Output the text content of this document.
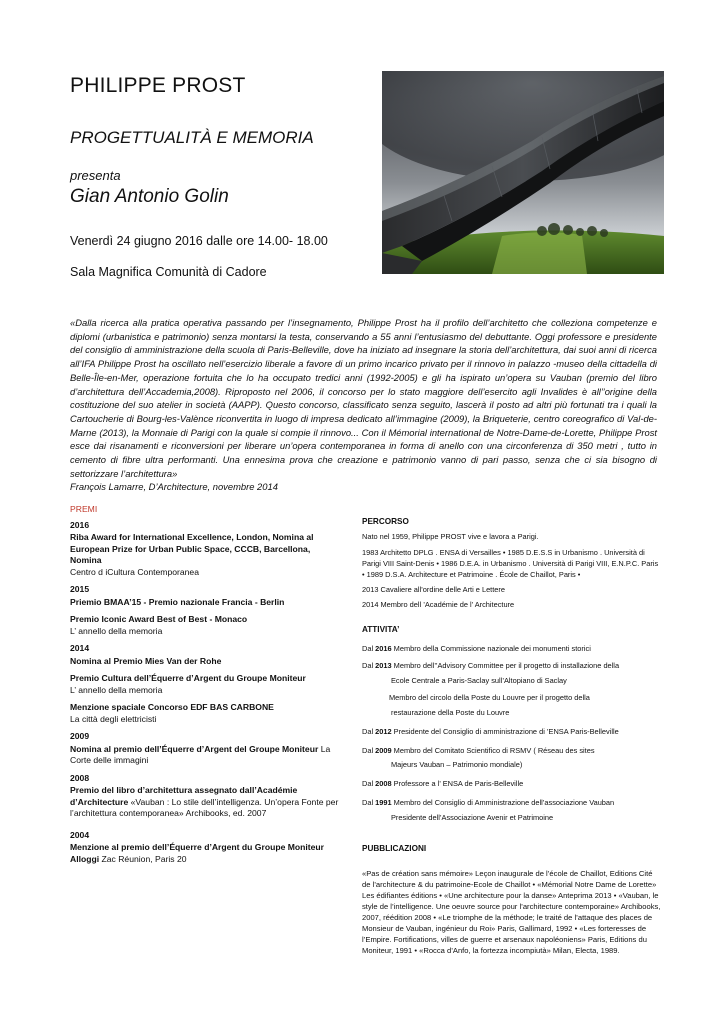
PHILIPPE PROST
PROGETTUALITÀ E MEMORIA
presenta
Gian Antonio Golin
Venerdì 24 giugno 2016 dalle ore 14.00- 18.00
Sala Magnifica Comunità di Cadore

«Dalla ricerca alla pratica operativa passando per l’insegnamento, Philippe Prost ha il profilo dell’architetto che colleziona competenze e diplomi (urbanistica e patrimonio) senza montarsi la testa, conservando a 55 anni l’entusiasmo del debuttante. Oggi professore e presidente del consiglio di amministrazione della scuola di Paris-Belleville, dove ha iniziato ad insegnare la storia dell’architettura, dai suoi anni di ricerca all’IFA Philippe Prost ha oscillato nell’esercizio liberale a favore di un primo incarico privato per il rinnovo in palazzo -museo della cittadella di Belle-Île-en-Mer, operazione fortuita che lo ha occupato tredici anni (1992-2005) e gli ha ispirato un’opera su Vauban (premio del libro d’architettura dell’Accademia,2008). Riproposto nel 2006, il concorso per lo stato maggiore dell’esercito agli Invalides è all’’origine della costituzione del suo atelier in società (AAPP). Questo concorso, classificato senza seguito, lascerà il posto ad altri più fortunati tra i quali la Cartoucherie di Bourg-les-Valènce riconvertita in luogo di impresa dedicato all’immagine (2009), la Briqueterie, centro coreografico di Val-de-Marne (2013), la Monnaie di Parigi con la quale si compie il rinnovo... Con il Mémorial international de Notre-Dame-de-Lorette, Philippe Prost esce dai risanamenti e riconversioni per liberare un’opera contemporanea in forma di anello con una circonferenza di 350 metri , tutto in cemento di fibre ultra performanti. Una ennesima prova che creazione e patrimonio vanno di pari passo, senza che ci sia bisogno di settorizzare l’architettura»

François Lamarre, D’Architecture, novembre 2014

PREMI
2016
Riba Award for International Excellence, London, Nomina al European Prize for Urban Public Space, CCCB, Barcellona, Nomina
Centro d iCultura Contemporanea
2015
Priemio BMAA’15 - Premio nazionale Francia - Berlin
Premio Iconic Award Best of Best - Monaco
L’ annello della memoria
2014
Nomina al Premio Mies Van der Rohe
Premio Cultura dell’Équerre d’Argent du Groupe Moniteur
L’ annello della memoria
Menzione spaciale Concorso EDF BAS CARBONE
La città degli elettricisti
2009
Nomina al premio dell’Équerre d’Argent del Groupe Moniteur La Corte delle immagini
2008
Premio del libro d’architettura assegnato dall’Académie d’Architecture «Vauban : Lo stile dell’intelligenza. Un’opera Fonte per l’architettura contemporanea» Archibooks, ed. 2007
2004
Menzione al premio dell’Équerre d’Argent du Groupe Moniteur Alloggi Zac Réunion, Paris 20
PERCORSO

Nato nel 1959, Philippe PROST vive e lavora a Parigi.

1983 Architetto DPLG . ENSA di Versailles • 1985 D.E.S.S in Urbanismo . Università di Parigi VIII Saint-Denis • 1986 D.E.A. in Urbanismo . Università di Parigi VIII, E.N.P.C. Paris • 1989 D.S.A. Architecture et Patrimoine . École de Chaillot, Paris •

2013 Cavaliere all’ordine delle Arti e Lettere

2014 Membro dell ’Académie de l’ Architecture

ATTIVITA’
Dal 2016 Membro della Commissione nazionale dei monumenti storici
Dal 2013 Membro dell’’Advisory Committee per il progetto di installazione della
Ecole Centrale a Paris-Saclay sull’Altopiano di Saclay
Membro del circolo della Poste du Louvre per il progetto della
restaurazione della Poste du Louvre
Dal 2012 Presidente del Consiglio di amministrazione di ’ENSA Paris-Belleville
Dal 2009 Membro del Comitato Scientifico di RSMV ( Réseau des sites
Majeurs Vauban – Patrimonio mondiale)
Dal 2008 Professore a l’ ENSA de Paris-Belleville
Dal 1991 Membro del Consiglio di Amministrazione dell’associazione Vauban
Presidente dell’Associazione Avenir et Patrimoine
PUBBLICAZIONI

«Pas de création sans mémoire» Leçon inaugurale de l’école de Chaillot, Editions Cité de l’architecture & du patrimoine-Ecole de Chaillot • «Mémorial Notre Dame de Lorette» Les édifiantes éditions • «Une architecture pour la danse» Anteprima 2013 • «Vauban, le style de l’intelligence. Une oeuvre source pour l’architecture contemporaine» Archibooks, 2007, réédition 2008 • «Le triomphe de la méthode; le traité de l’attaque des places de Monsieur de Vauban, ingénieur du Roi» Paris, Gallimard, 1992 • «Les forteresses de l’Empire. Fortifications, villes de guerre et arsenaux napoléoniens» Paris, Editions du Moniteur, 1991 • «Rocca d’Anfo, la fortezza incompiutà» Milan, Electa, 1989.
